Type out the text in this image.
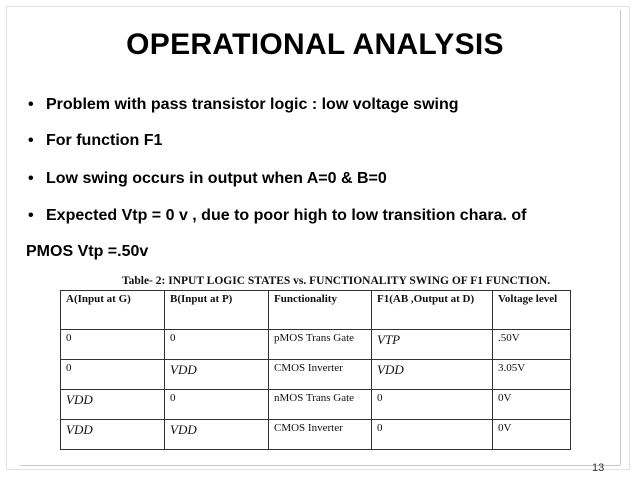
OPERATIONAL ANALYSIS
• Problem with pass transistor logic : low voltage swing
• For function F1
• Low swing occurs in output when A=0 & B=0
• Expected Vtp = 0 v , due to poor high to low transition chara. of
PMOS Vtp =.50v
Table- 2: INPUT LOGIC STATES vs. FUNCTIONALITY SWING OF F1 FUNCTION.
A(Input at G)	B(Input at P)	Functionality	F1(AB ,Output at D)	Voltage level
0	0	pMOS Trans Gate	VTP	.50V
0	VDD	CMOS Inverter	VDD	3.05V
VDD	0	nMOS Trans Gate	0	0V
VDD	VDD	CMOS Inverter	0	0V
13
